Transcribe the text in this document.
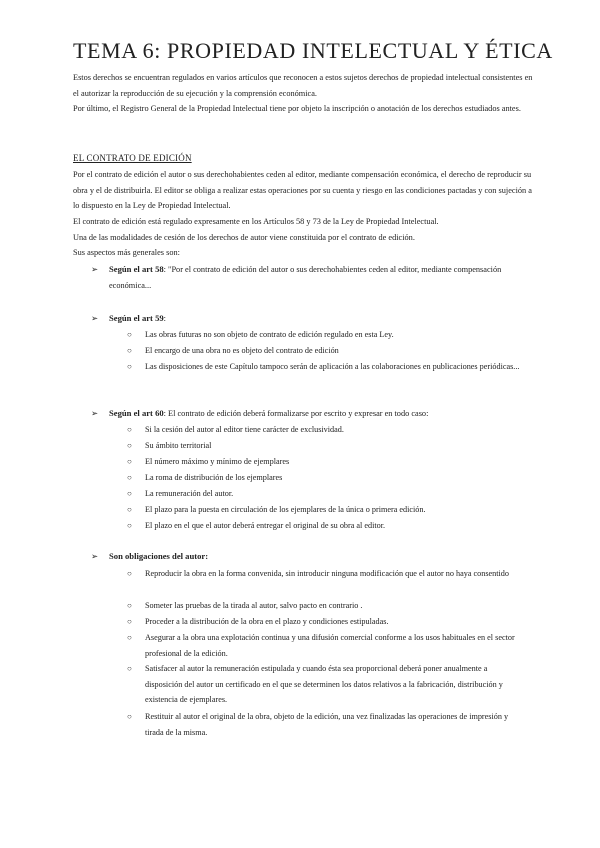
TEMA 6: PROPIEDAD INTELECTUAL Y ÉTICA

Estos derechos se encuentran regulados en varios artículos que reconocen a estos sujetos derechos de propiedad intelectual consistentes en el autorizar la reproducción de su ejecución y la comprensión económica.

Por último, el Registro General de la Propiedad Intelectual tiene por objeto la inscripción o anotación de los derechos estudiados antes.

EL CONTRATO DE EDICIÓN

Por el contrato de edición el autor o sus derechohabientes ceden al editor, mediante compensación económica, el derecho de reproducir su obra y el de distribuirla. El editor se obliga a realizar estas operaciones por su cuenta y riesgo en las condiciones pactadas y con sujeción a lo dispuesto en la Ley de Propiedad Intelectual.

El contrato de edición está regulado expresamente en los Artículos 58 y 73 de la Ley de Propiedad Intelectual.

Una de las modalidades de cesión de los derechos de autor viene constituida por el contrato de edición.

Sus aspectos más generales son:

➢ Según el art 58: "Por el contrato de edición del autor o sus derechohabientes ceden al editor, mediante compensación económica...

➢ Según el art 59:

○ Las obras futuras no son objeto de contrato de edición regulado en esta Ley.

○ El encargo de una obra no es objeto del contrato de edición

○ Las disposiciones de este Capítulo tampoco serán de aplicación a las colaboraciones en publicaciones periódicas...

➢ Según el art 60: El contrato de edición deberá formalizarse por escrito y expresar en todo caso:

○ Si la cesión del autor al editor tiene carácter de exclusividad.

○ Su ámbito territorial

○ El número máximo y mínimo de ejemplares

○ La roma de distribución de los ejemplares

○ La remuneración del autor.

○ El plazo para la puesta en circulación de los ejemplares de la única o primera edición.

○ El plazo en el que el autor deberá entregar el original de su obra al editor.

➢ Son obligaciones del autor:

○ Reproducir la obra en la forma convenida, sin introducir ninguna modificación que el autor no haya consentido

○ Someter las pruebas de la tirada al autor, salvo pacto en contrario .

○ Proceder a la distribución de la obra en el plazo y condiciones estipuladas.

○ Asegurar a la obra una explotación continua y una difusión comercial conforme a los usos habituales en el sector profesional de la edición.

○ Satisfacer al autor la remuneración estipulada y cuando ésta sea proporcional deberá poner anualmente a disposición del autor un certificado en el que se determinen los datos relativos a la fabricación, distribución y existencia de ejemplares.

○ Restituir al autor el original de la obra, objeto de la edición, una vez finalizadas las operaciones de impresión y tirada de la misma.
